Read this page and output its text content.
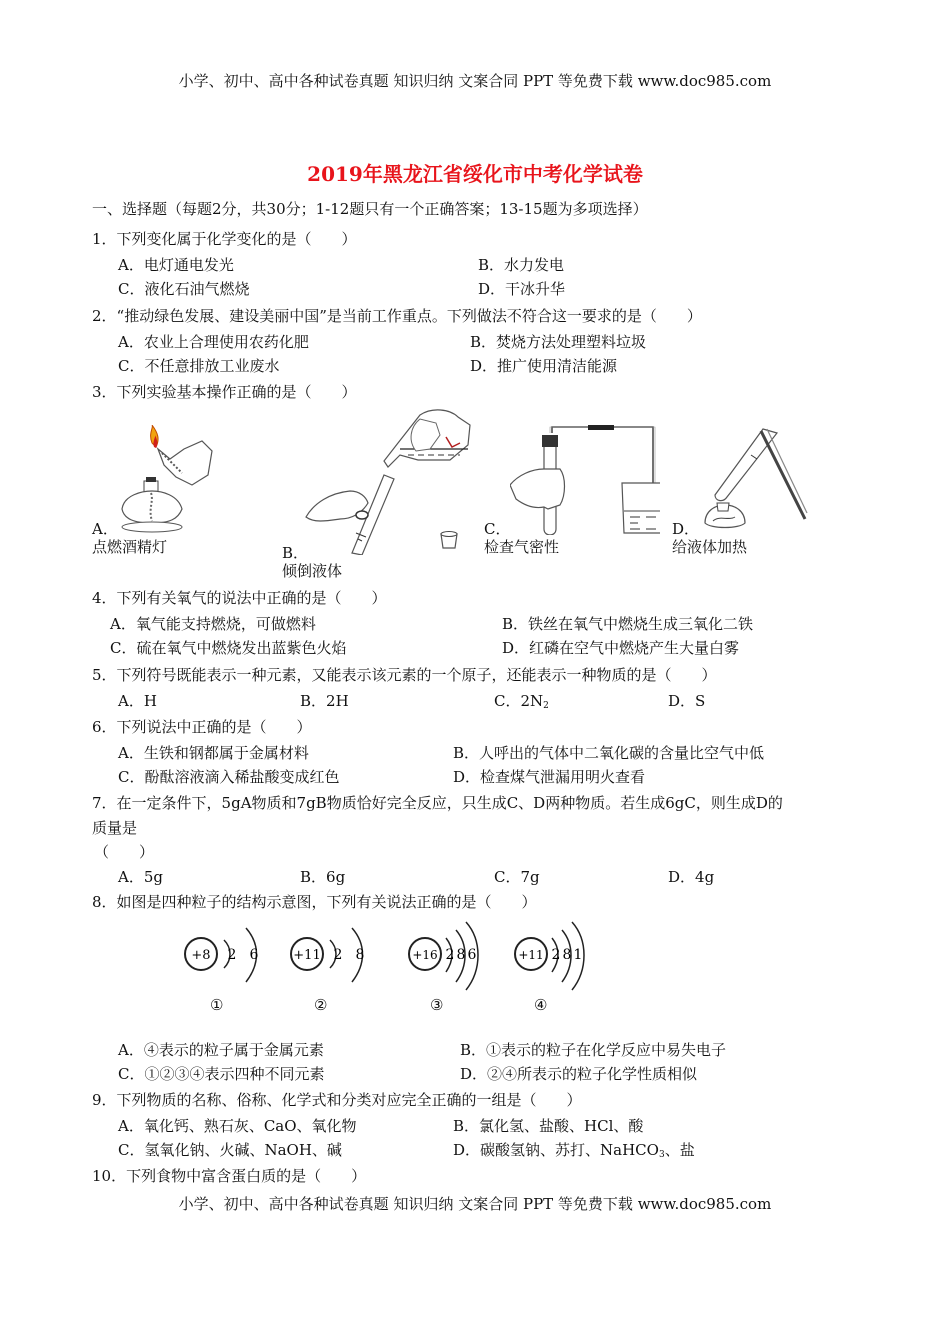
小学、初中、高中各种试卷真题 知识归纳 文案合同 PPT 等免费下载 www.doc985.com
2019年黑龙江省绥化市中考化学试卷
一、选择题（每题2分，共30分；1-12题只有一个正确答案；13-15题为多项选择）
1．下列变化属于化学变化的是（　　）
A．电灯通电发光	B．水力发电
C．液化石油气燃烧	D．干冰升华
2．“推动绿色发展、建设美丽中国”是当前工作重点。下列做法不符合这一要求的是（　　）
A．农业上合理使用农药化肥	B．焚烧方法处理塑料垃圾
C．不任意排放工业废水	D．推广使用清洁能源
3．下列实验基本操作正确的是（　　）
A．
点燃酒精灯	B．
倾倒液体
C．
检查气密性
D．
给液体加热
4．下列有关氧气的说法中正确的是（　　）
A．氧气能支持燃烧，可做燃料	B．铁丝在氧气中燃烧生成三氧化二铁
C．硫在氧气中燃烧发出蓝紫色火焰	D．红磷在空气中燃烧产生大量白雾
5．下列符号既能表示一种元素，又能表示该元素的一个原子，还能表示一种物质的是（　　）
A．H	B．2H	C．$2N_2$	D．S
6．下列说法中正确的是（　　）
A．生铁和钢都属于金属材料	B．人呼出的气体中二氧化碳的含量比空气中低
C．酚酞溶液滴入稀盐酸变成红色	D．检查煤气泄漏用明火查看
7．在一定条件下，5gA物质和7gB物质恰好完全反应，只生成C、D两种物质。若生成6gC，则生成D的
质量是
（　　）
A．5g	B．6g	C．7g	D．4g
8．如图是四种粒子的结构示意图，下列有关说法正确的是（　　）
+8 2 6
①
+11 2 8
②
+16 2 8 6
③
+11 2 8 1
④
A．④表示的粒子属于金属元素	B．①表示的粒子在化学反应中易失电子
C．①②③④表示四种不同元素	D．②④所表示的粒子化学性质相似
9．下列物质的名称、俗称、化学式和分类对应完全正确的一组是（　　）
A．氧化钙、熟石灰、CaO、氧化物	B．氯化氢、盐酸、HCl、酸
C．氢氧化钠、火碱、NaOH、碱	D．碳酸氢钠、苏打、NaHCO$_3$、盐
10．下列食物中富含蛋白质的是（　　）
小学、初中、高中各种试卷真题 知识归纳 文案合同 PPT 等免费下载 www.doc985.com
